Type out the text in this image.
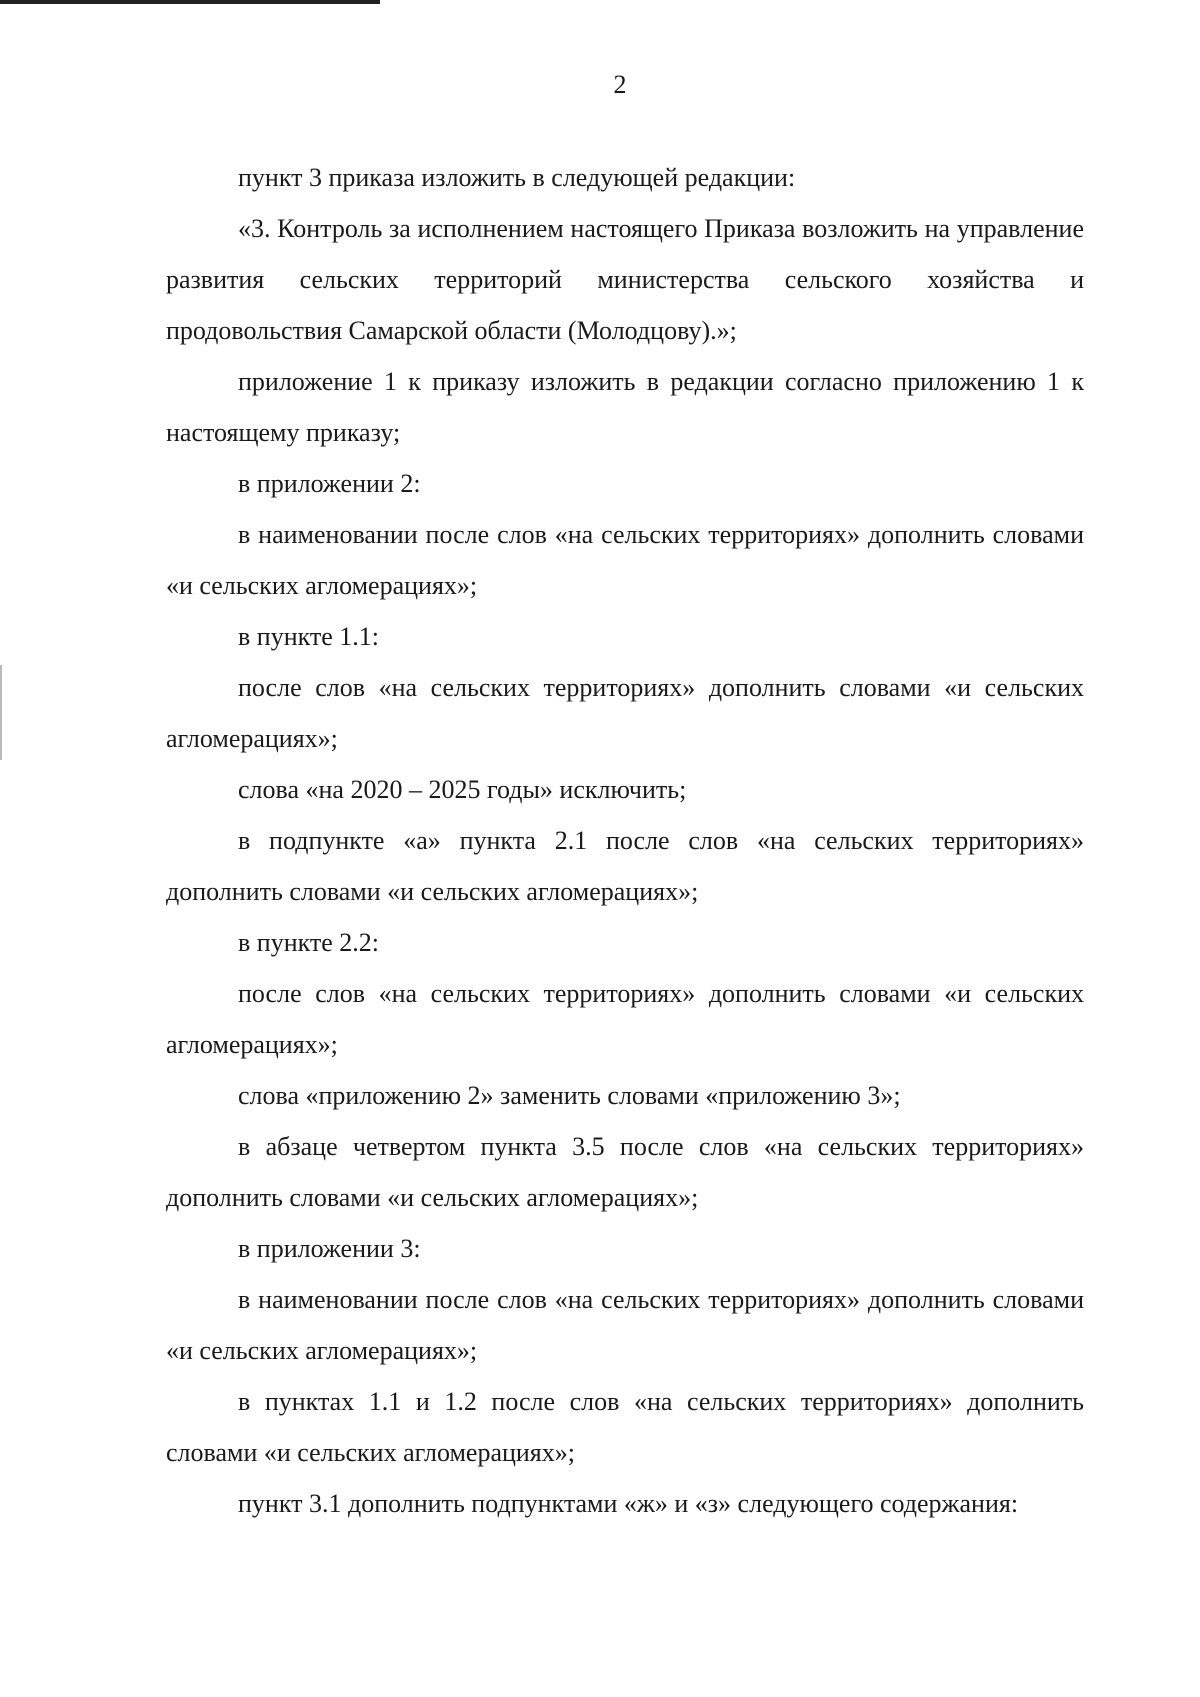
2

пункт 3 приказа изложить в следующей редакции:

«3. Контроль за исполнением настоящего Приказа возложить на управление развития сельских территорий министерства сельского хозяйства и продовольствия Самарской области (Молодцову).»;

приложение 1 к приказу изложить в редакции согласно приложению 1 к настоящему приказу;

в приложении 2:

в наименовании после слов «на сельских территориях» дополнить словами «и сельских агломерациях»;

в пункте 1.1:

после слов «на сельских территориях» дополнить словами «и сельских агломерациях»;

слова «на 2020 – 2025 годы» исключить;

в подпункте «а» пункта 2.1 после слов «на сельских территориях» дополнить словами «и сельских агломерациях»;

в пункте 2.2:

после слов «на сельских территориях» дополнить словами «и сельских агломерациях»;

слова «приложению 2» заменить словами «приложению 3»;

в абзаце четвертом пункта 3.5 после слов «на сельских территориях» дополнить словами «и сельских агломерациях»;

в приложении 3:

в наименовании после слов «на сельских территориях» дополнить словами «и сельских агломерациях»;

в пунктах 1.1 и 1.2 после слов «на сельских территориях» дополнить словами «и сельских агломерациях»;

пункт 3.1 дополнить подпунктами «ж» и «з» следующего содержания:
